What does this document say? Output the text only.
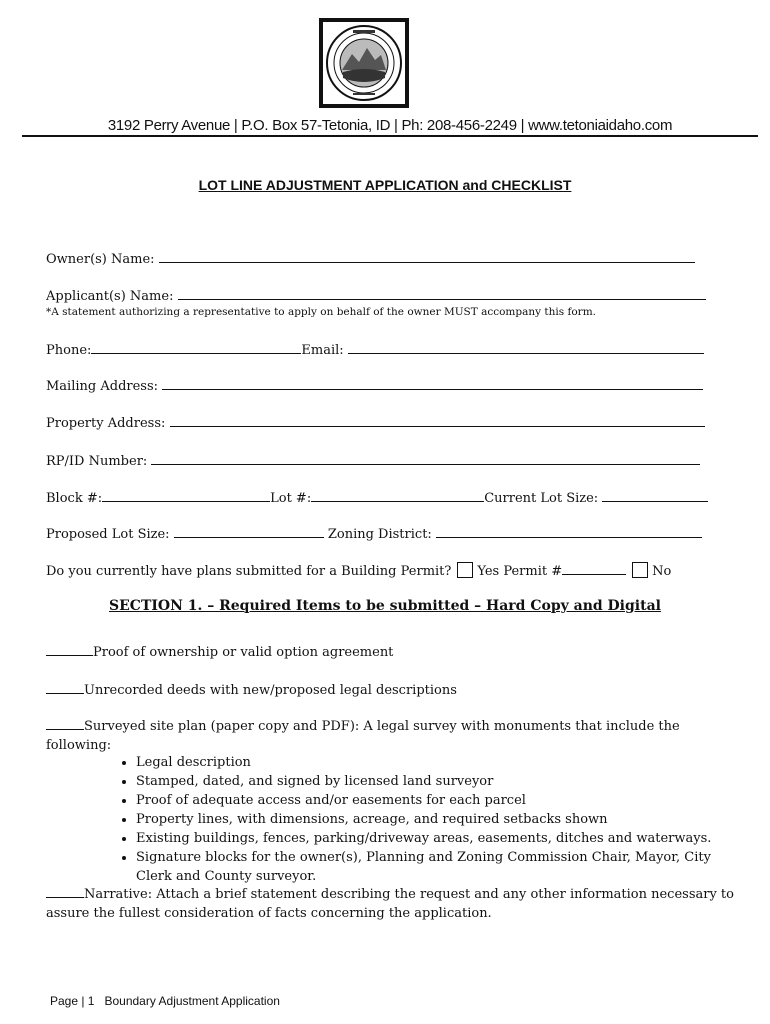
3192 Perry Avenue | P.O. Box 57-Tetonia, ID | Ph: 208-456-2249 | www.tetoniaidaho.com
LOT LINE ADJUSTMENT APPLICATION and CHECKLIST
Owner(s) Name:
Applicant(s) Name:
*A statement authorizing a representative to apply on behalf of the owner MUST accompany this form.
Phone:	Email:
Mailing Address:
Property Address:
RP/ID Number:
Block #:	Lot #:	Current Lot Size:
Proposed Lot Size:	Zoning District:
Do you currently have plans submitted for a Building Permit? Yes Permit #	No
SECTION 1. – Required Items to be submitted – Hard Copy and Digital
Proof of ownership or valid option agreement
Unrecorded deeds with new/proposed legal descriptions
Surveyed site plan (paper copy and PDF): A legal survey with monuments that include the
following:
• Legal description
• Stamped, dated, and signed by licensed land surveyor
• Proof of adequate access and/or easements for each parcel
• Property lines, with dimensions, acreage, and required setbacks shown
• Existing buildings, fences, parking/driveway areas, easements, ditches and waterways.
• Signature blocks for the owner(s), Planning and Zoning Commission Chair, Mayor, City Clerk and County surveyor.
Narrative: Attach a brief statement describing the request and any other information necessary to
assure the fullest consideration of facts concerning the application.
Page | 1   Boundary Adjustment Application
